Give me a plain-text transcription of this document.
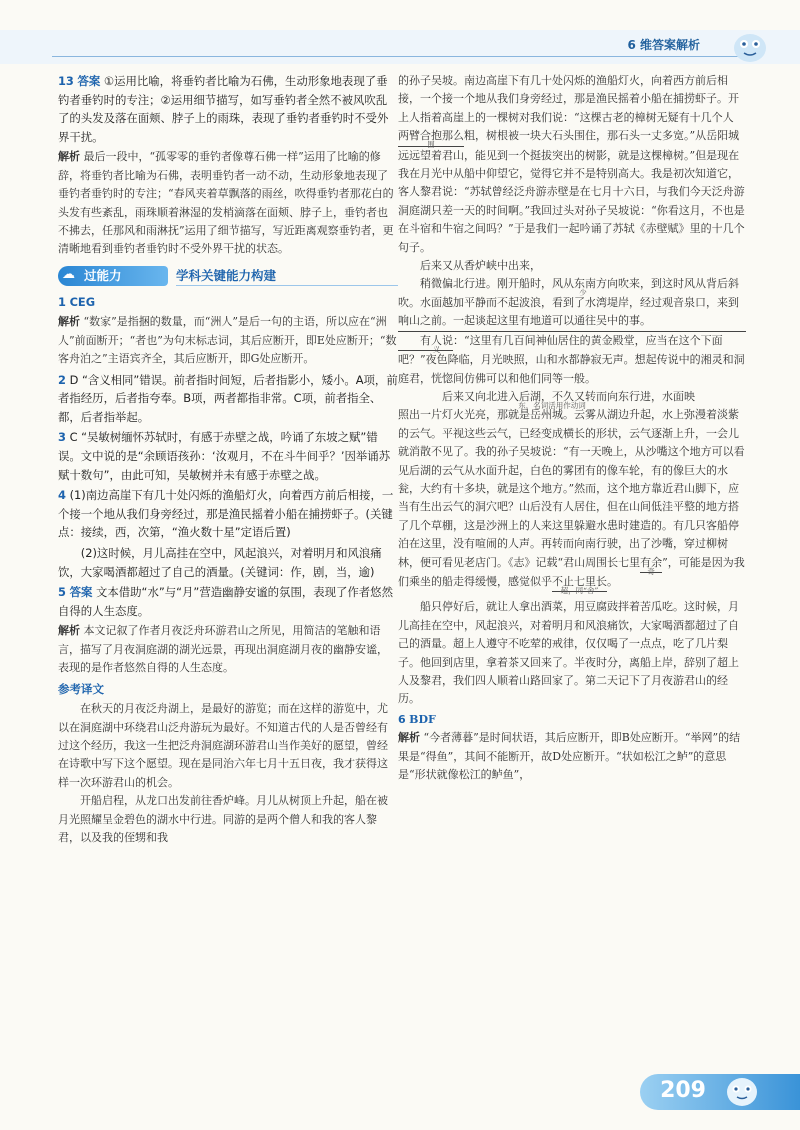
6 维答案解析

13 答案 ①运用比喻，将垂钓者比喻为石佛，生动形象地表现了垂钓者垂钓时的专注；②运用细节描写，如写垂钓者全然不被风吹乱了的头发及落在面颊、脖子上的雨珠，表现了垂钓者垂钓时不受外界干扰。

解析 最后一段中，“孤零零的垂钓者像尊石佛一样”运用了比喻的修辞，将垂钓者比喻为石佛，表明垂钓者一动不动，生动形象地表现了垂钓者垂钓时的专注；“春风夹着草飘落的雨丝，吹得垂钓者那花白的头发有些紊乱，雨珠顺着淋湿的发梢滴落在面颊、脖子上，垂钓者也不拂去，任那风和雨淋抚”运用了细节描写，写近距离观察垂钓者，更清晰地看到垂钓者垂钓时不受外界干扰的状态。

☁ 过能力	学科关键能力构建

1 CEG

解析 “数家”是指捆的数量，而“洲人”是后一句的主语，所以应在“洲人”前面断开；“者也”为句末标志词，其后应断开，即E处应断开；“数客舟泊之”主语宾齐全，其后应断开，即G处应断开。

2 D “含义相同”错误。前者指时间短，后者指影小，矮小。A项，前者指经历，后者指夸奉。B项，两者都指非常。C项，前者指全、都，后者指举起。

3 C “吴敏树缅怀苏轼时，有感于赤壁之战，吟诵了东坡之赋”错误。文中说的是“余顾语孩孙：‘汝观月，不在斗牛间乎？’因举诵苏赋十数句”，由此可知，吴敏树并未有感于赤壁之战。

4 (1)南边高崖下有几十处闪烁的渔船灯火，向着西方前后相接，一个接一个地从我们身旁经过，那是渔民摇着小船在捕捞虾子。(关键点：接续，西，次第，“渔火数十星”定语后置)

(2)这时候，月儿高挂在空中，风起浪兴，对着明月和风浪痛饮，大家喝酒都超过了自己的酒量。(关键词：作，剧，当，逾)

5 答案 文本借助“水”与“月”营造幽静安谧的氛围，表现了作者悠然自得的人生态度。

解析 本文记叙了作者月夜泛舟环游君山之所见，用简洁的笔触和语言，描写了月夜洞庭湖的湖光远景，再现出洞庭湖月夜的幽静安谧，表现的是作者悠然自得的人生态度。

参考译文

在秋天的月夜泛舟湖上，是最好的游览；而在这样的游览中，尤以在洞庭湖中环绕君山泛舟游玩为最好。不知道古代的人是否曾经有过这个经历，我这一生把泛舟洞庭湖环游君山当作美好的愿望，曾经在诗歌中写下这个愿望。现在是同治六年七月十五日夜，我才获得这样一次环游君山的机会。

开船启程，从龙口出发前往香炉峰。月儿从树顶上升起，船在被月光照耀呈金碧色的湖水中行进。同游的是两个僧人和我的客人黎君，以及我的侄甥和我

的孙子吴坡。南边高崖下有几十处闪烁的渔船灯火，向着西方前后相接，一个接一个地从我们身旁经过，那是渔民摇着小船在捕捞虾子。开上人指着高崖上的一棵树对我们说：“这棵古老的樟树无疑有十几个人两臂合抱那么
围
粗，树根被一块大石头围住，那石头一丈多宽。”从岳阳城远远望着君山，能见到一个挺拔突出的树影，就是这棵樟树。”但是现在我在月光中从船中仰望它，觉得它并不是特别高大。我是初次知道它，客人黎君说：“苏轼曾经泛舟游赤壁是在七月十六日，与我们今天泛舟游洞庭湖只差一天的时间啊。”我回过头对孙子吴坡说：“你看这月，不也是在斗宿和牛宿之间吗？”于是我们一起吟诵了苏轼《赤壁赋》里的十几个句子。

后来又从香炉峡中出来，稍微偏北行进。刚开船时，风从东南方向吹来，到这时风从背后斜吹。水面越加平静而不起波浪，看到了水湾堤岸，经过观音泉口，来到响山之前。一起谈起这里有地道可以通往吴中的事。
少
有人说
义
：“这里有几百间神仙居住的黄金殿堂，应当在这个下面吧？”夜色降临，月光映照，山和水都静寂无声。想起传说中的湘灵和洞庭君，恍惚间仿佛可以和他们同等一般。

后来又向北进入后湖，不久又转而向东行进，
东，名词活用作动词
水面映

照出一片灯火光亮，那就是岳州城。云雾从湖边升起，水上弥漫着淡紫的云气。平视这些云气，已经变成横长的形状，云气逐渐上升，一会儿就消散不见了。我的孙子吴坡说：“有一天晚上，从沙嘴这个地方可以看见后湖的云气从水面升起，白色的雾团有的像车轮，有的像巨大的水瓮，大约有十多块，就是这个地方。”然而，这个地方靠近君山脚下，应当有生出云气的洞穴吧？山后没有人居住，但在山间低洼平整的地方搭了几个草棚，这是沙洲上的人来这里躲避水患时建造的。有几只客船停泊在这里，没有喧闹的人声。再转而向南行驶，出了沙嘴，穿过柳树林，便可看见老店门。《志》记载“君山周围长七里有余
奇
”，可能是因为我们乘坐的船走得缓慢，感觉似乎不止七里长
超，同“舍”
。

船只停好后，就让人拿出酒菜，用豆腐豉拌着苦瓜吃。这时候，月儿高挂在空中，风起浪兴，对着明月和风浪痛饮，大家喝酒都超过了自己的酒量。超上人遵守不吃荤的戒律，仅仅喝了一点点，吃了几片梨子。他回到店里，拿着茶又回来了。半夜时分，离船上岸，辞别了超上人及黎君，我们四人顺着山路回家了。第二天记下了月夜游君山的经历。

6 BDF

解析 “今者薄暮”是时间状语，其后应断开，即B处应断开。“举网”的结果是“得鱼”，其间不能断开，故D处应断开。“状如松江之鲈”的意思是“形状就像松江的鲈鱼”，

209
